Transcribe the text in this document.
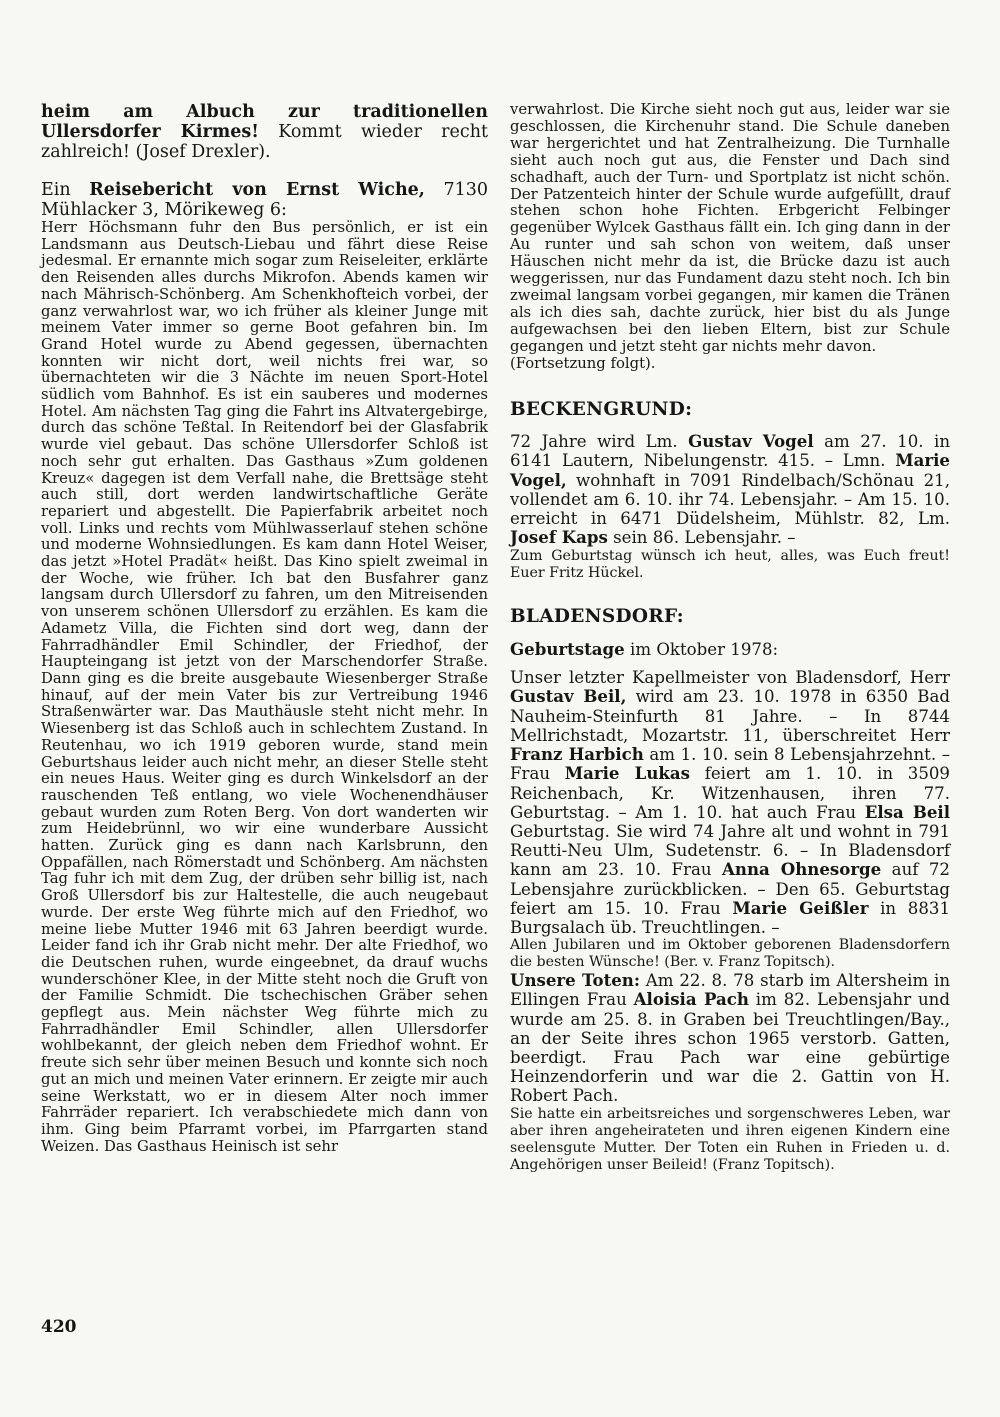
heim am Albuch zur traditionellen Ullersdorfer Kirmes! Kommt wieder recht zahlreich! (Josef Drexler).

Ein Reisebericht von Ernst Wiche, 7130 Mühlacker 3, Mörikeweg 6:

Herr Höchsmann fuhr den Bus persönlich, er ist ein Landsmann aus Deutsch-Liebau und fährt diese Reise jedesmal. Er ernannte mich sogar zum Reiseleiter, erklärte den Reisenden alles durchs Mikrofon. Abends kamen wir nach Mährisch-Schönberg. Am Schenkhofteich vorbei, der ganz verwahrlost war, wo ich früher als kleiner Junge mit meinem Vater immer so gerne Boot gefahren bin. Im Grand Hotel wurde zu Abend gegessen, übernachten konnten wir nicht dort, weil nichts frei war, so übernachteten wir die 3 Nächte im neuen Sport-Hotel südlich vom Bahnhof. Es ist ein sauberes und modernes Hotel. Am nächsten Tag ging die Fahrt ins Altvatergebirge, durch das schöne Teßtal. In Reitendorf bei der Glasfabrik wurde viel gebaut. Das schöne Ullersdorfer Schloß ist noch sehr gut erhalten. Das Gasthaus »Zum goldenen Kreuz« dagegen ist dem Verfall nahe, die Brettsäge steht auch still, dort werden landwirtschaftliche Geräte repariert und abgestellt. Die Papierfabrik arbeitet noch voll. Links und rechts vom Mühlwasserlauf stehen schöne und moderne Wohnsiedlungen. Es kam dann Hotel Weiser, das jetzt »Hotel Pradät« heißt. Das Kino spielt zweimal in der Woche, wie früher. Ich bat den Busfahrer ganz langsam durch Ullersdorf zu fahren, um den Mitreisenden von unserem schönen Ullersdorf zu erzählen. Es kam die Adametz Villa, die Fichten sind dort weg, dann der Fahrradhändler Emil Schindler, der Friedhof, der Haupteingang ist jetzt von der Marschendorfer Straße. Dann ging es die breite ausgebaute Wiesenberger Straße hinauf, auf der mein Vater bis zur Vertreibung 1946 Straßenwärter war. Das Mauthäusle steht nicht mehr. In Wiesenberg ist das Schloß auch in schlechtem Zustand. In Reutenhau, wo ich 1919 geboren wurde, stand mein Geburtshaus leider auch nicht mehr, an dieser Stelle steht ein neues Haus. Weiter ging es durch Winkelsdorf an der rauschenden Teß entlang, wo viele Wochenendhäuser gebaut wurden zum Roten Berg. Von dort wanderten wir zum Heidebrünnl, wo wir eine wunderbare Aussicht hatten. Zurück ging es dann nach Karlsbrunn, den Oppafällen, nach Römerstadt und Schönberg. Am nächsten Tag fuhr ich mit dem Zug, der drüben sehr billig ist, nach Groß Ullersdorf bis zur Haltestelle, die auch neugebaut wurde. Der erste Weg führte mich auf den Friedhof, wo meine liebe Mutter 1946 mit 63 Jahren beerdigt wurde. Leider fand ich ihr Grab nicht mehr. Der alte Friedhof, wo die Deutschen ruhen, wurde eingeebnet, da drauf wuchs wunderschöner Klee, in der Mitte steht noch die Gruft von der Familie Schmidt. Die tschechischen Gräber sehen gepflegt aus. Mein nächster Weg führte mich zu Fahrradhändler Emil Schindler, allen Ullersdorfer wohlbekannt, der gleich neben dem Friedhof wohnt. Er freute sich sehr über meinen Besuch und konnte sich noch gut an mich und meinen Vater erinnern. Er zeigte mir auch seine Werkstatt, wo er in diesem Alter noch immer Fahrräder repariert. Ich verabschiedete mich dann von ihm. Ging beim Pfarramt vorbei, im Pfarrgarten stand Weizen. Das Gasthaus Heinisch ist sehr

verwahrlost. Die Kirche sieht noch gut aus, leider war sie geschlossen, die Kirchenuhr stand. Die Schule daneben war hergerichtet und hat Zentralheizung. Die Turnhalle sieht auch noch gut aus, die Fenster und Dach sind schadhaft, auch der Turn- und Sportplatz ist nicht schön. Der Patzenteich hinter der Schule wurde aufgefüllt, drauf stehen schon hohe Fichten. Erbgericht Felbinger gegenüber Wylcek Gasthaus fällt ein. Ich ging dann in der Au runter und sah schon von weitem, daß unser Häuschen nicht mehr da ist, die Brücke dazu ist auch weggerissen, nur das Fundament dazu steht noch. Ich bin zweimal langsam vorbei gegangen, mir kamen die Tränen als ich dies sah, dachte zurück, hier bist du als Junge aufgewachsen bei den lieben Eltern, bist zur Schule gegangen und jetzt steht gar nichts mehr davon.

(Fortsetzung folgt).

BECKENGRUND:

72 Jahre wird Lm. Gustav Vogel am 27. 10. in 6141 Lautern, Nibelungenstr. 415. – Lmn. Marie Vogel, wohnhaft in 7091 Rindelbach/Schönau 21, vollendet am 6. 10. ihr 74. Lebensjahr. – Am 15. 10. erreicht in 6471 Düdelsheim, Mühlstr. 82, Lm. Josef Kaps sein 86. Lebensjahr. –

Zum Geburtstag wünsch ich heut, alles, was Euch freut! Euer Fritz Hückel.

BLADENSDORF:

Geburtstage im Oktober 1978:

Unser letzter Kapellmeister von Bladensdorf, Herr Gustav Beil, wird am 23. 10. 1978 in 6350 Bad Nauheim-Steinfurth 81 Jahre. – In 8744 Mellrichstadt, Mozartstr. 11, überschreitet Herr Franz Harbich am 1. 10. sein 8 Lebensjahrzehnt. – Frau Marie Lukas feiert am 1. 10. in 3509 Reichenbach, Kr. Witzenhausen, ihren 77. Geburtstag. – Am 1. 10. hat auch Frau Elsa Beil Geburtstag. Sie wird 74 Jahre alt und wohnt in 791 Reutti-Neu Ulm, Sudetenstr. 6. – In Bladensdorf kann am 23. 10. Frau Anna Ohnesorge auf 72 Lebensjahre zurückblicken. – Den 65. Geburtstag feiert am 15. 10. Frau Marie Geißler in 8831 Burgsalach üb. Treuchtlingen. –

Allen Jubilaren und im Oktober geborenen Bladensdorfern die besten Wünsche! (Ber. v. Franz Topitsch).

Unsere Toten: Am 22. 8. 78 starb im Altersheim in Ellingen Frau Aloisia Pach im 82. Lebensjahr und wurde am 25. 8. in Graben bei Treuchtlingen/Bay., an der Seite ihres schon 1965 verstorb. Gatten, beerdigt. Frau Pach war eine gebürtige Heinzendorferin und war die 2. Gattin von H. Robert Pach.

Sie hatte ein arbeitsreiches und sorgenschweres Leben, war aber ihren angeheirateten und ihren eigenen Kindern eine seelensgute Mutter. Der Toten ein Ruhen in Frieden u. d. Angehörigen unser Beileid! (Franz Topitsch).

420
